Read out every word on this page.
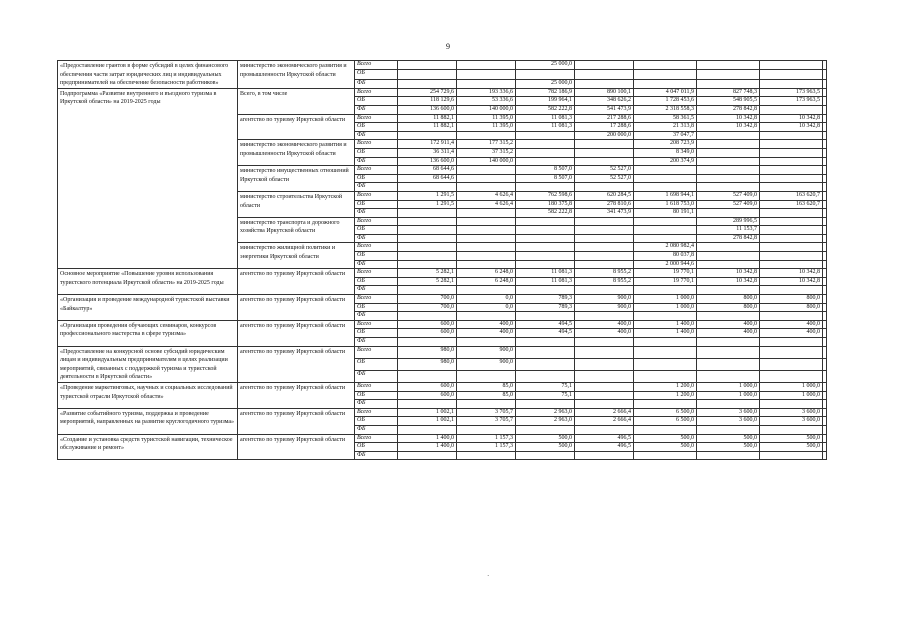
9
·
«Предоставление грантов в форме субсидий в целях финансового обеспечения части затрат юридических лиц и индивидуальных предпринимателей на обеспечение безопасности работников»	министерство экономического развития и промышленности Иркутской области	Всего			25 000,0					
		ОБ								
		ФБ			25 000,0					
Подпрограмма «Развитие внутреннего и въездного туризма в Иркутской области» на 2019-2025 годы	Всего, в том числе	Всего	254 729,6	193 336,6	782 186,9	890 100,1	4 047 011,9	827 748,3	173 963,5	
		ОБ	118 129,6	53 336,6	199 964,1	348 626,2	1 728 453,6	548 905,5	173 963,5	
		ФБ	136 600,0	140 000,0	582 222,8	541 473,9	2 318 558,3	278 842,8		
	агентство по туризму Иркутской области	Всего	11 882,1	11 395,0	11 081,3	217 288,6	58 361,5	10 342,8	10 342,8	
		ОБ	11 882,1	11 395,0	11 081,3	17 288,6	21 313,8	10 342,8	10 342,8	
		ФБ				200 000,0	37 047,7			
	министерство экономического развития и промышленности Иркутской области	Всего	172 911,4	177 315,2			208 723,9			
		ОБ	36 311,4	37 315,2			8 349,0			
		ФБ	136 600,0	140 000,0			200 374,9			
	министерство имущественных отношений Иркутской области	Всего	68 644,6		8 507,0	52 527,0				
		ОБ	68 644,6		8 507,0	52 527,0				
		ФБ								
	министерство строительства Иркутской области	Всего	1 291,5	4 626,4	762 598,6	620 284,5	1 698 944,1	527 409,0	163 620,7	
		ОБ	1 291,5	4 626,4	180 375,8	278 810,6	1 618 753,0	527 409,0	163 620,7	
		ФБ			582 222,8	341 473,9	80 191,1			
	министерство транспорта и дорожного хозяйства Иркутской области	Всего						289 996,5		
		ОБ						11 153,7		
		ФБ						278 842,8		
	министерство жилищной политики и энергетики Иркутской области	Всего					2 080 982,4			
		ОБ					80 037,8			
		ФБ					2 000 944,6			
Основное мероприятие «Повышение уровня использования туристского потенциала Иркутской области» на 2019-2025 годы	агентство по туризму Иркутской области	Всего	5 282,1	6 248,0	11 081,3	8 955,2	19 770,1	10 342,8	10 342,8	
		ОБ	5 282,1	6 248,0	11 081,3	8 955,2	19 770,1	10 342,8	10 342,8	
		ФБ								
«Организация и проведение международной туристской выставки «Байкалтур»	агентство по туризму Иркутской области	Всего	700,0	0,0	789,3	900,0	1 000,0	800,0	800,0	
		ОБ	700,0	0,0	789,3	900,0	1 000,0	800,0	800,0	
		ФБ								
«Организация проведения обучающих семинаров, конкурсов профессионального мастерства в сфере туризма»	агентство по туризму Иркутской области	Всего	600,0	400,0	494,5	400,0	1 400,0	400,0	400,0	
		ОБ	600,0	400,0	494,5	400,0	1 400,0	400,0	400,0	
		ФБ								
«Предоставление на конкурсной основе субсидий юридическим лицам и индивидуальным предпринимателям в целях реализации мероприятий, связанных с поддержкой туризма и туристской деятельности в Иркутской области»	агентство по туризму Иркутской области	Всего	980,0	900,0						
		ОБ	980,0	900,0						
		ФБ								
«Проведение маркетинговых, научных и социальных исследований туристской отрасли Иркутской области»	агентство по туризму Иркутской области	Всего	600,0	85,0	75,1		1 200,0	1 000,0	1 000,0	
		ОБ	600,0	85,0	75,1		1 200,0	1 000,0	1 000,0	
		ФБ								
«Развитие событийного туризма, поддержка и проведение мероприятий, направленных на развитие круглогодичного туризма»	агентство по туризму Иркутской области	Всего	1 002,1	3 705,7	2 963,0	2 666,4	6 500,0	3 600,0	3 600,0	
		ОБ	1 002,1	3 705,7	2 963,0	2 666,4	6 500,0	3 600,0	3 600,0	
		ФБ								
«Создание и установка средств туристской навигации, техническое обслуживание и ремонт»	агентство по туризму Иркутской области	Всего	1 400,0	1 157,3	500,0	496,5	500,0	500,0	500,0	
		ОБ	1 400,0	1 157,3	500,0	496,5	500,0	500,0	500,0	
		ФБ								
